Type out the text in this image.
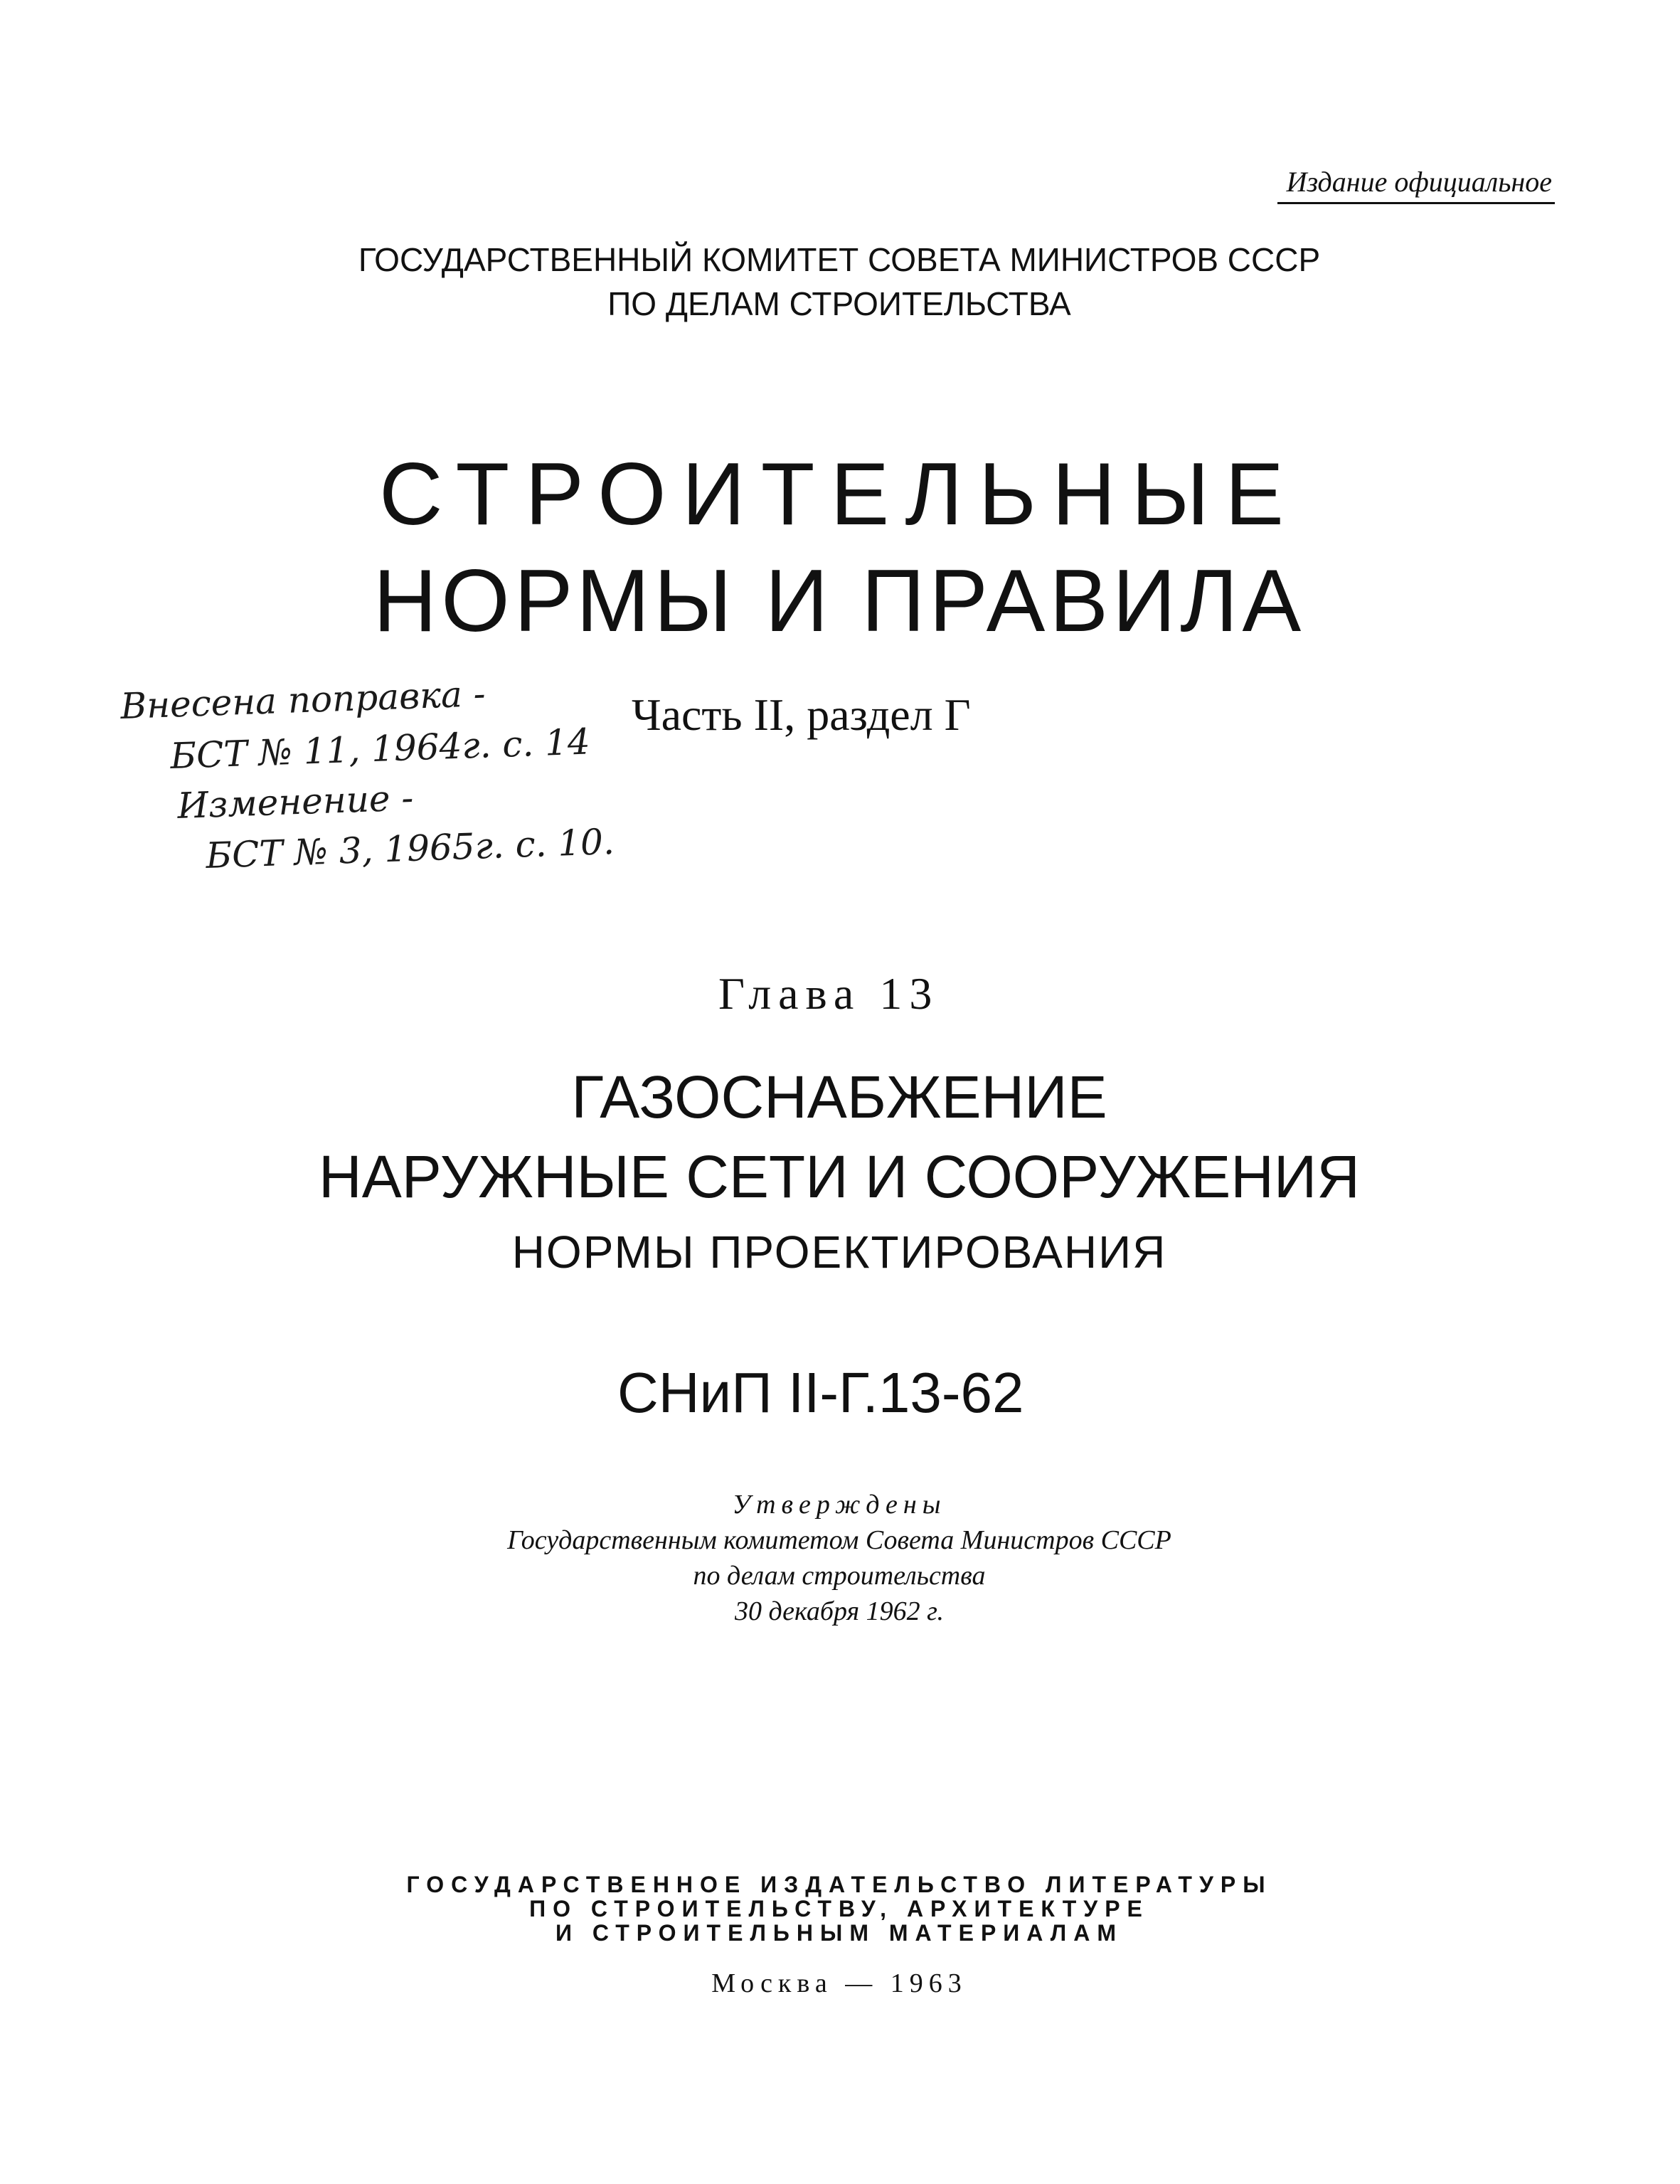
Издание официальное
ГОСУДАРСТВЕННЫЙ КОМИТЕТ СОВЕТА МИНИСТРОВ СССР
ПО ДЕЛАМ СТРОИТЕЛЬСТВА
СТРОИТЕЛЬНЫЕ
НОРМЫ И ПРАВИЛА
Часть II, раздел Г
Внесена поправка -
БСТ № 11, 1964г. с. 14
Изменение -
БСТ № 3, 1965г. с. 10.
Глава 13
ГАЗОСНАБЖЕНИЕ
НАРУЖНЫЕ СЕТИ И СООРУЖЕНИЯ
НОРМЫ ПРОЕКТИРОВАНИЯ
СНиП II-Г.13-62
Утверждены
Государственным комитетом Совета Министров СССР
по делам строительства
30 декабря 1962 г.
ГОСУДАРСТВЕННОЕ ИЗДАТЕЛЬСТВО ЛИТЕРАТУРЫ
ПО СТРОИТЕЛЬСТВУ, АРХИТЕКТУРЕ
И СТРОИТЕЛЬНЫМ МАТЕРИАЛАМ
Москва — 1963
